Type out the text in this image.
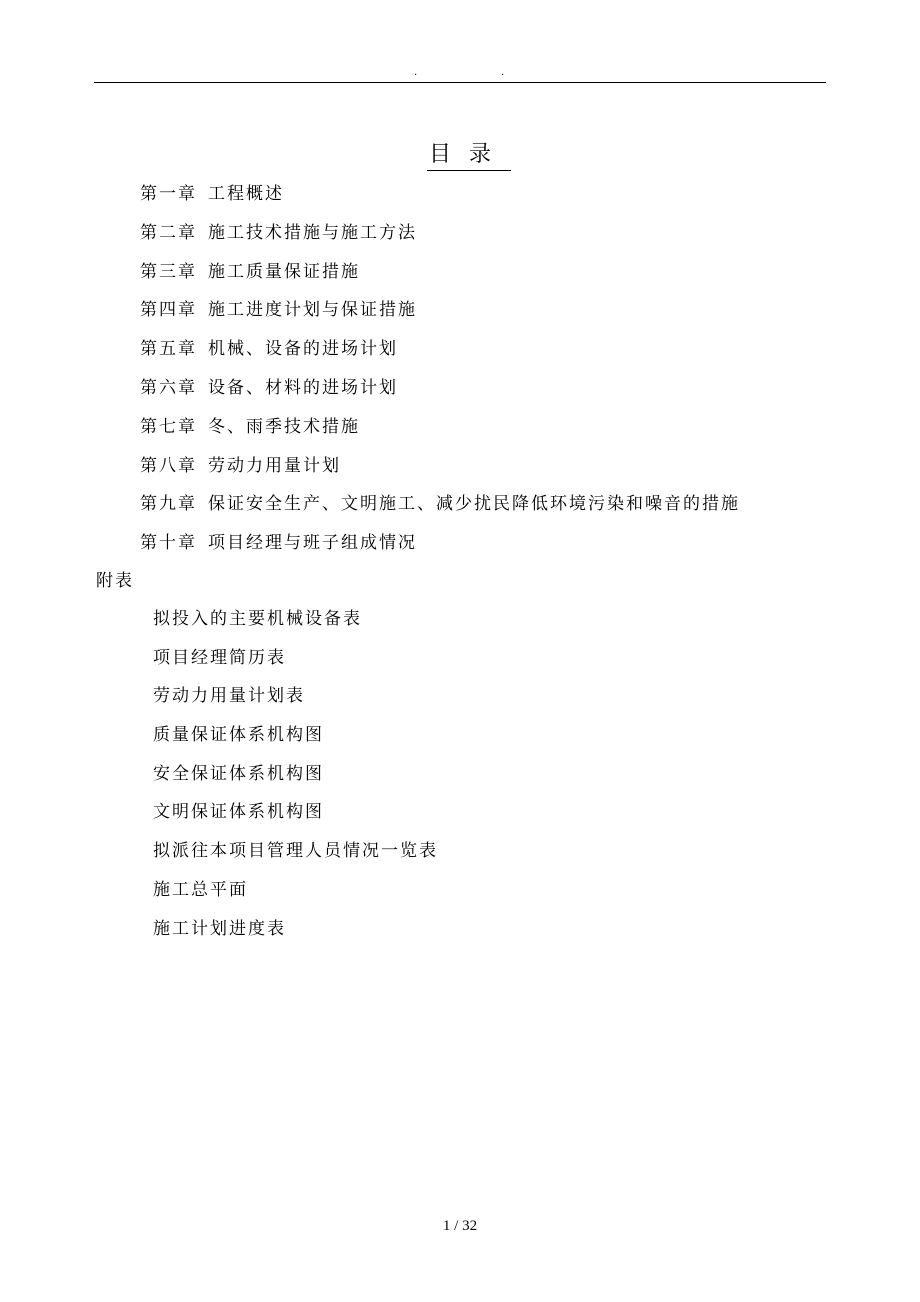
.	.
目录
第一章 工程概述
第二章 施工技术措施与施工方法
第三章 施工质量保证措施
第四章 施工进度计划与保证措施
第五章 机械、设备的进场计划
第六章 设备、材料的进场计划
第七章 冬、雨季技术措施
第八章 劳动力用量计划
第九章 保证安全生产、文明施工、减少扰民降低环境污染和噪音的措施
第十章 项目经理与班子组成情况
附表
拟投入的主要机械设备表
项目经理简历表
劳动力用量计划表
质量保证体系机构图
安全保证体系机构图
文明保证体系机构图
拟派往本项目管理人员情况一览表
施工总平面
施工计划进度表
1 / 32
